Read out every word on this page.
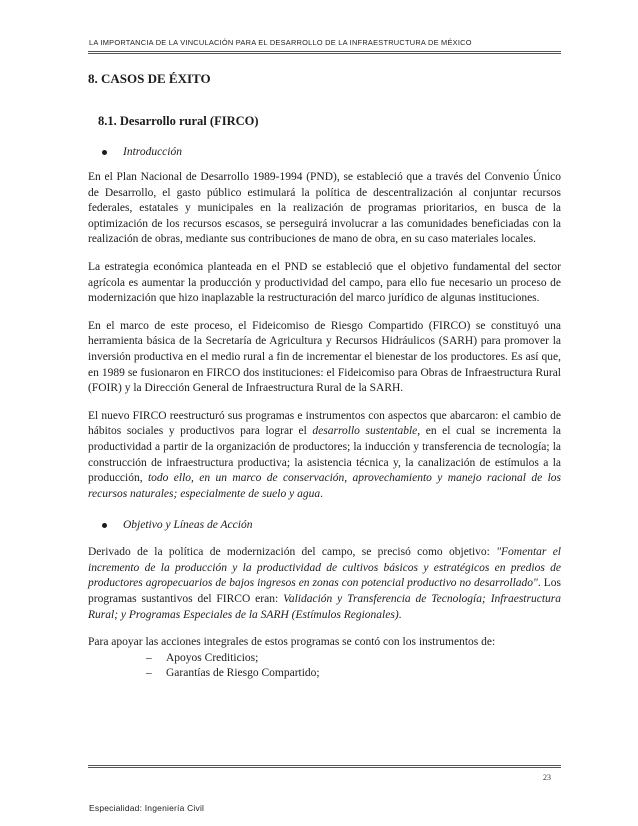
LA IMPORTANCIA DE LA VINCULACIÓN PARA EL DESARROLLO DE LA INFRAESTRUCTURA DE MÉXICO
8. CASOS DE ÉXITO
8.1. Desarrollo rural (FIRCO)
Introducción

En el Plan Nacional de Desarrollo 1989-1994 (PND), se estableció que a través del Convenio Único de Desarrollo, el gasto público estimulará la política de descentralización al conjuntar recursos federales, estatales y municipales en la realización de programas prioritarios, en busca de la optimización de los recursos escasos, se perseguirá involucrar a las comunidades beneficiadas con la realización de obras, mediante sus contribuciones de mano de obra, en su caso materiales locales.

La estrategia económica planteada en el PND se estableció que el objetivo fundamental del sector agrícola es aumentar la producción y productividad del campo, para ello fue necesario un proceso de modernización que hizo inaplazable la restructuración del marco jurídico de algunas instituciones.

En el marco de este proceso, el Fideicomiso de Riesgo Compartido (FIRCO) se constituyó una herramienta básica de la Secretaría de Agricultura y Recursos Hidráulicos (SARH) para promover la inversión productiva en el medio rural a fin de incrementar el bienestar de los productores. Es así que, en 1989 se fusionaron en FIRCO dos instituciones: el Fideicomiso para Obras de Infraestructura Rural (FOIR) y la Dirección General de Infraestructura Rural de la SARH.

El nuevo FIRCO reestructuró sus programas e instrumentos con aspectos que abarcaron: el cambio de hábitos sociales y productivos para lograr el desarrollo sustentable, en el cual se incrementa la productividad a partir de la organización de productores; la inducción y transferencia de tecnología; la construcción de infraestructura productiva; la asistencia técnica y, la canalización de estímulos a la producción, todo ello, en un marco de conservación, aprovechamiento y manejo racional de los recursos naturales; especialmente de suelo y agua.

Objetivo y Líneas de Acción

Derivado de la política de modernización del campo, se precisó como objetivo: "Fomentar el incremento de la producción y la productividad de cultivos básicos y estratégicos en predios de productores agropecuarios de bajos ingresos en zonas con potencial productivo no desarrollado". Los programas sustantivos del FIRCO eran: Validación y Transferencia de Tecnología; Infraestructura Rural; y Programas Especiales de la SARH (Estímulos Regionales).

Para apoyar las acciones integrales de estos programas se contó con los instrumentos de:

–	Apoyos Crediticios;
–	Garantías de Riesgo Compartido;
23
Especialidad: Ingeniería Civil
